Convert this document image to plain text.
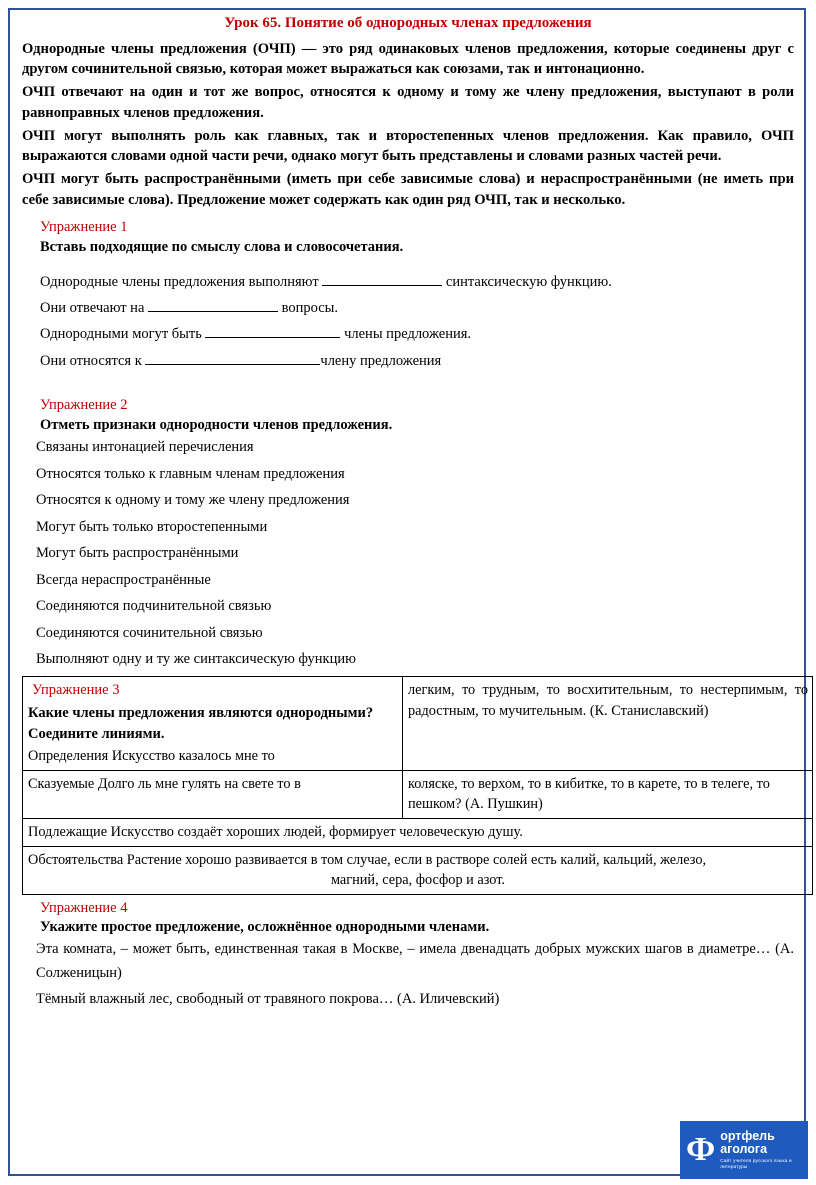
Урок 65. Понятие об однородных членах предложения

Однородные члены предложения (ОЧП) — это ряд одинаковых членов предложения, которые соединены друг с другом сочинительной связью, которая может выражаться как союзами, так и интонационно.

ОЧП отвечают на один и тот же вопрос, относятся к одному и тому же члену предложения, выступают в роли равноправных членов предложения.

ОЧП могут выполнять роль как главных, так и второстепенных членов предложения. Как правило, ОЧП выражаются словами одной части речи, однако могут быть представлены и словами разных частей речи.

ОЧП могут быть распространёнными (иметь при себе зависимые слова) и нераспространёнными (не иметь при себе зависимые слова). Предложение может содержать как один ряд ОЧП, так и несколько.

Упражнение 1
Вставь подходящие по смыслу слова и словосочетания.
Однородные члены предложения выполняют	синтаксическую функцию.
Они отвечают на	вопросы.
Однородными могут быть	члены предложения.
Они относятся к	члену предложения
Упражнение 2
Отметь признаки однородности членов предложения.
Связаны интонацией перечисления
Относятся только к главным членам предложения
Относятся к одному и тому же члену предложения
Могут быть только второстепенными
Могут быть распространёнными
Всегда нераспространённые
Соединяются подчинительной связью
Соединяются сочинительной связью
Выполняют одну и ту же синтаксическую функцию
Упражнение 3
Какие члены предложения являются однородными? Соедините линиями.
Определения Искусство казалось мне то	легким, то трудным, то восхитительным, то нестерпимым, то радостным, то мучительным. (К. Станиславский)
Сказуемые Долго ль мне гулять на свете то в	коляске, то верхом, то в кибитке, то в карете, то в телеге, то пешком? (А. Пушкин)
Подлежащие Искусство создаёт хороших людей, формирует человеческую душу.	

Обстоятельства Растение хорошо развивается в том случае, если в растворе солей есть калий, кальций, железо,
магний, сера, фосфор и азот.	
Упражнение 4
Укажите простое предложение, осложнённое однородными членами.
Эта комната, – может быть, единственная такая в Москве, – имела двенадцать добрых мужских шагов в диаметре… (А. Солженицын)
Тёмный влажный лес, свободный от травяного покрова… (А. Иличевский)
Ф ортфель
аголога
Сайт учителя русского языка и литературы
